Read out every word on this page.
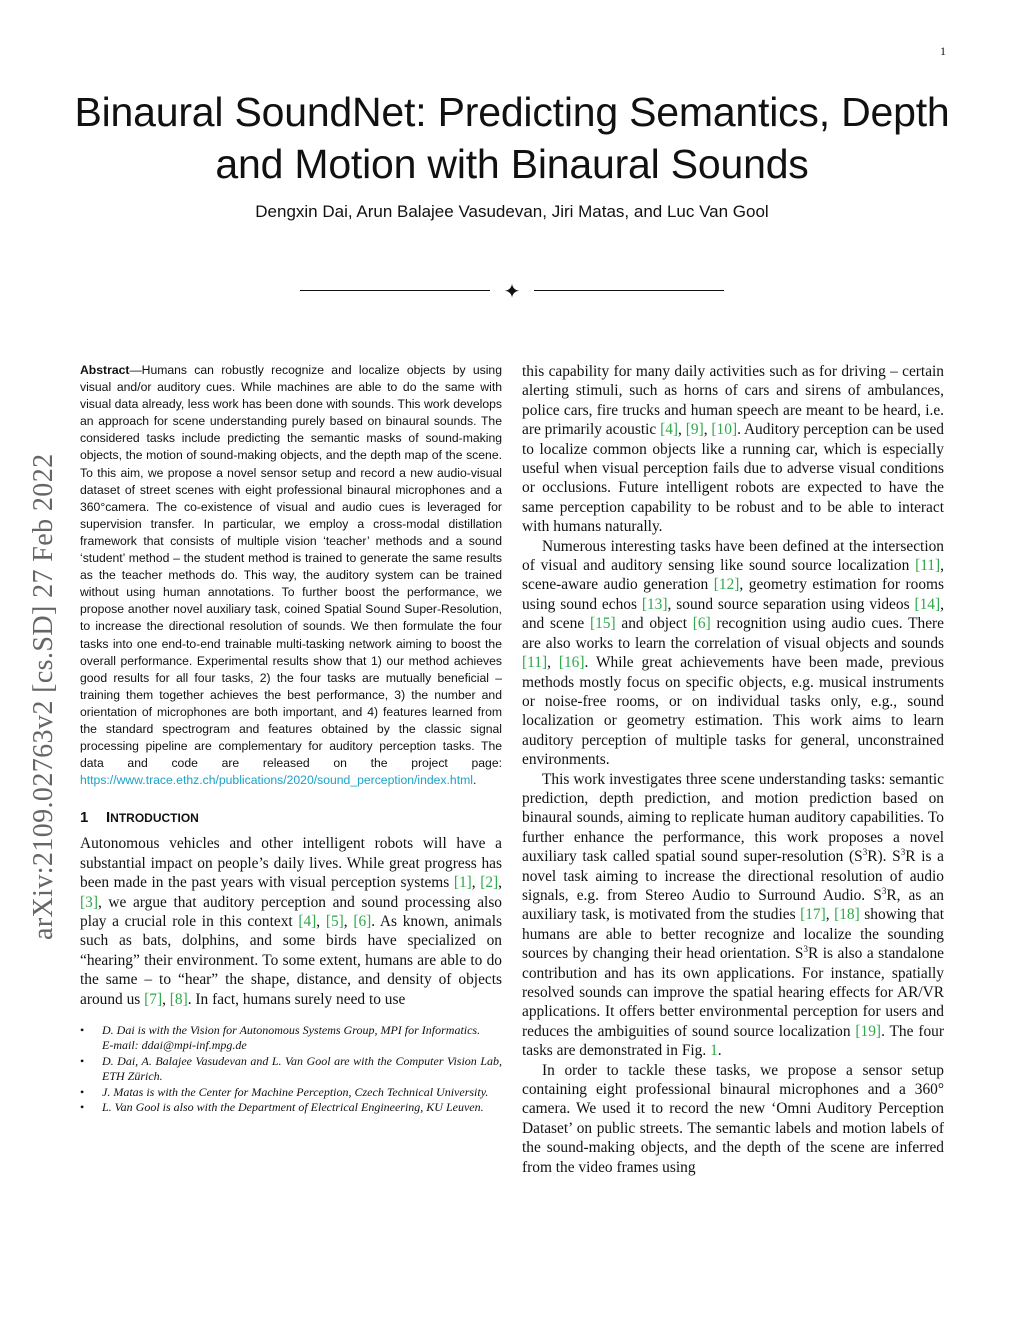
1
Binaural SoundNet: Predicting Semantics, Depth
and Motion with Binaural Sounds
Dengxin Dai, Arun Balajee Vasudevan, Jiri Matas, and Luc Van Gool
✦
arXiv:2109.02763v2 [cs.SD] 27 Feb 2022

Abstract—Humans can robustly recognize and localize objects by using visual and/or auditory cues. While machines are able to do the same with visual data already, less work has been done with sounds. This work develops an approach for scene understanding purely based on binaural sounds. The considered tasks include predicting the semantic masks of sound-making objects, the motion of sound-making objects, and the depth map of the scene. To this aim, we propose a novel sensor setup and record a new audio-visual dataset of street scenes with eight professional binaural microphones and a 360°camera. The co-existence of visual and audio cues is leveraged for supervision transfer. In particular, we employ a cross-modal distillation framework that consists of multiple vision ‘teacher’ methods and a sound ‘student’ method – the student method is trained to generate the same results as the teacher methods do. This way, the auditory system can be trained without using human annotations. To further boost the performance, we propose another novel auxiliary task, coined Spatial Sound Super-Resolution, to increase the directional resolution of sounds. We then formulate the four tasks into one end-to-end trainable multi-tasking network aiming to boost the overall performance. Experimental results show that 1) our method achieves good results for all four tasks, 2) the four tasks are mutually beneficial – training them together achieves the best performance, 3) the number and orientation of microphones are both important, and 4) features learned from the standard spectrogram and features obtained by the classic signal processing pipeline are complementary for auditory perception tasks. The data and code are released on the project page: https://www.trace.ethz.ch/publications/2020/sound_perception/index.html.

1 INTRODUCTION

Autonomous vehicles and other intelligent robots will have a substantial impact on people’s daily lives. While great progress has been made in the past years with visual perception systems [1], [2], [3], we argue that auditory perception and sound processing also play a crucial role in this context [4], [5], [6]. As known, animals such as bats, dolphins, and some birds have specialized on “hearing” their environment. To some extent, humans are able to do the same – to “hear” the shape, distance, and density of objects around us [7], [8]. In fact, humans surely need to use

• D. Dai is with the Vision for Autonomous Systems Group, MPI for Informatics.
E-mail: ddai@mpi-inf.mpg.de
• D. Dai, A. Balajee Vasudevan and L. Van Gool are with the Computer Vision Lab, ETH Zürich.
• J. Matas is with the Center for Machine Perception, Czech Technical University.
• L. Van Gool is also with the Department of Electrical Engineering, KU Leuven.

this capability for many daily activities such as for driving – certain alerting stimuli, such as horns of cars and sirens of ambulances, police cars, fire trucks and human speech are meant to be heard, i.e. are primarily acoustic [4], [9], [10]. Auditory perception can be used to localize common objects like a running car, which is especially useful when visual perception fails due to adverse visual conditions or occlusions. Future intelligent robots are expected to have the same perception capability to be robust and to be able to interact with humans naturally.

Numerous interesting tasks have been defined at the intersection of visual and auditory sensing like sound source localization [11], scene-aware audio generation [12], geometry estimation for rooms using sound echos [13], sound source separation using videos [14], and scene [15] and object [6] recognition using audio cues. There are also works to learn the correlation of visual objects and sounds [11], [16]. While great achievements have been made, previous methods mostly focus on specific objects, e.g. musical instruments or noise-free rooms, or on individual tasks only, e.g., sound localization or geometry estimation. This work aims to learn auditory perception of multiple tasks for general, unconstrained environments.

This work investigates three scene understanding tasks: semantic prediction, depth prediction, and motion prediction based on binaural sounds, aiming to replicate human auditory capabilities. To further enhance the performance, this work proposes a novel auxiliary task called spatial sound super-resolution $(S^3R)$. $S^3R$ is a novel task aiming to increase the directional resolution of audio signals, e.g. from Stereo Audio to Surround Audio. $S^3R$, as an auxiliary task, is motivated from the studies [17], [18] showing that humans are able to better recognize and localize the sounding sources by changing their head orientation. $S^3R$ is also a standalone contribution and has its own applications. For instance, spatially resolved sounds can improve the spatial hearing effects for AR/VR applications. It offers better environmental perception for users and reduces the ambiguities of sound source localization [19]. The four tasks are demonstrated in Fig. 1.

In order to tackle these tasks, we propose a sensor setup containing eight professional binaural microphones and a 360° camera. We used it to record the new ‘Omni Auditory Perception Dataset’ on public streets. The semantic labels and motion labels of the sound-making objects, and the depth of the scene are inferred from the video frames using
